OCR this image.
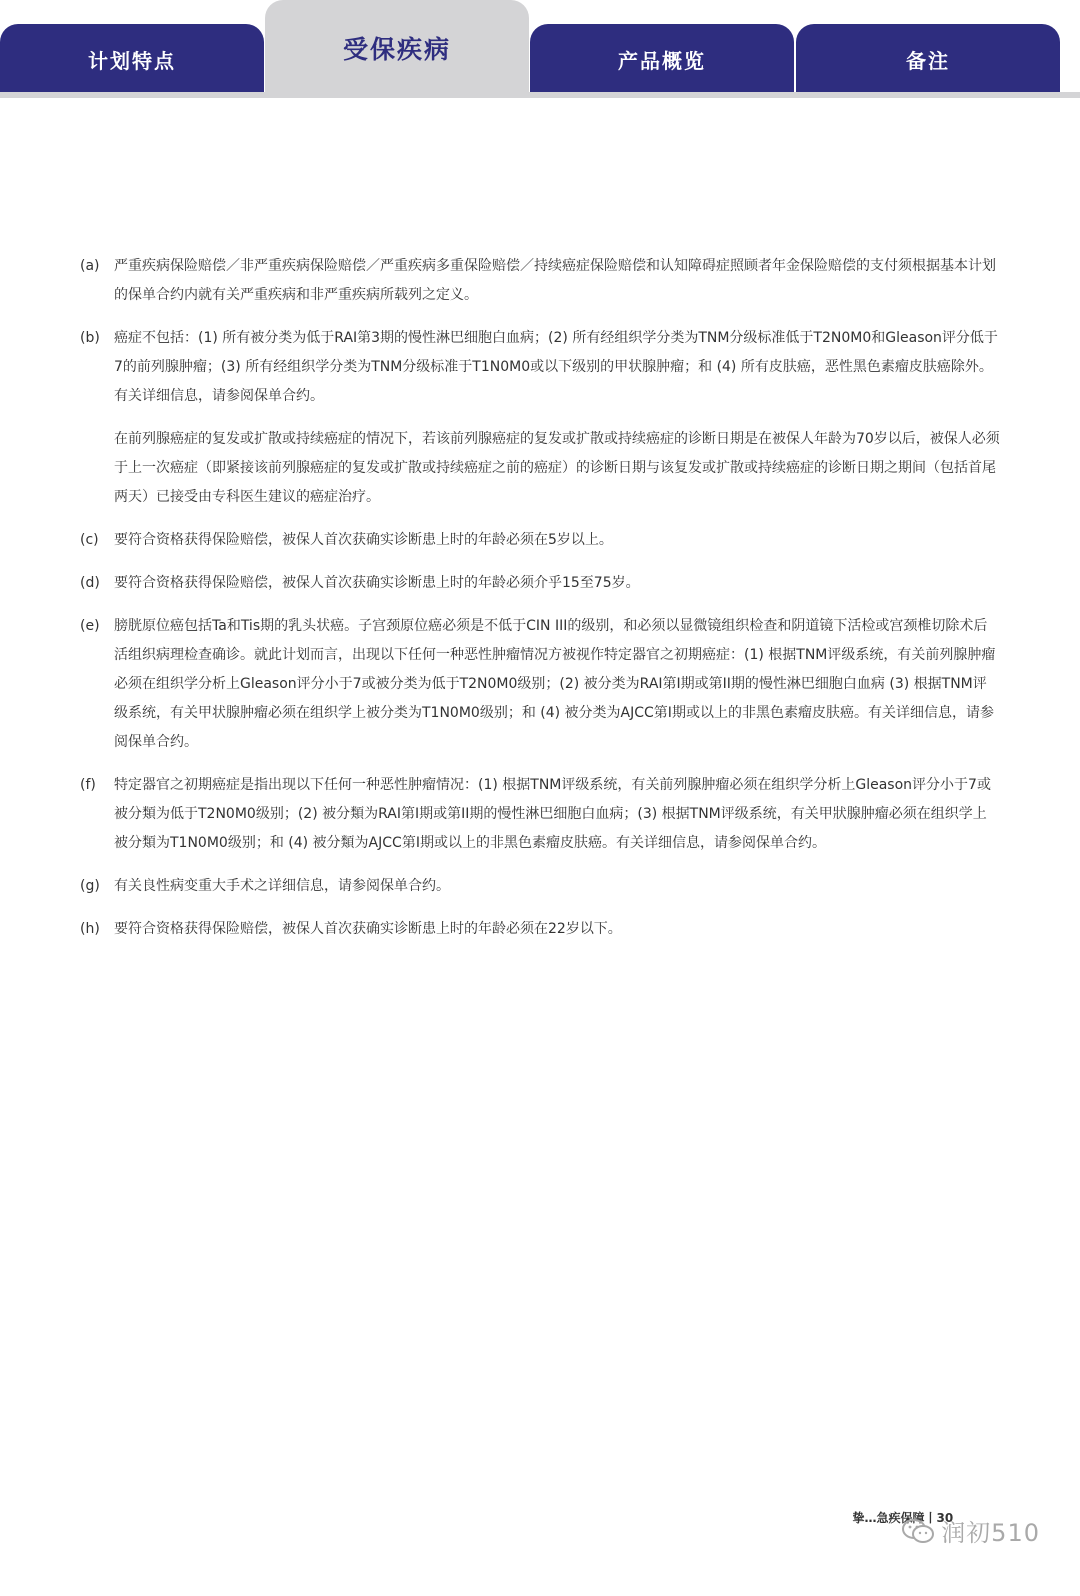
计划特点	产品概览	备注
受保疾病
(a)	严重疾病保险赔偿／非严重疾病保险赔偿／严重疾病多重保险赔偿／持续癌症保险赔偿和认知障碍症照顾者年金保险赔偿的支付须根据基本计划的保单合约内就有关严重疾病和非严重疾病所载列之定义。

(b)	癌症不包括：(1) 所有被分类为低于RAI第3期的慢性淋巴细胞白血病；(2) 所有经组织学分类为TNM分级标准低于T2N0M0和Gleason评分低于7的前列腺肿瘤；(3) 所有经组织学分类为TNM分级标准于T1N0M0或以下级别的甲状腺肿瘤；和 (4) 所有皮肤癌，恶性黑色素瘤皮肤癌除外。有关详细信息，请参阅保单合约。

在前列腺癌症的复发或扩散或持续癌症的情况下，若该前列腺癌症的复发或扩散或持续癌症的诊断日期是在被保人年龄为70岁以后，被保人必须于上一次癌症（即紧接该前列腺癌症的复发或扩散或持续癌症之前的癌症）的诊断日期与该复发或扩散或持续癌症的诊断日期之期间（包括首尾两天）已接受由专科医生建议的癌症治疗。

(c)	要符合资格获得保险赔偿，被保人首次获确实诊断患上时的年龄必须在5岁以上。

(d)	要符合资格获得保险赔偿，被保人首次获确实诊断患上时的年龄必须介乎15至75岁。

(e)	膀胱原位癌包括Ta和Tis期的乳头状癌。子宫颈原位癌必须是不低于CIN III的级别，和必须以显微镜组织检查和阴道镜下活检或宫颈椎切除术后活组织病理检查确诊。就此计划而言，出现以下任何一种恶性肿瘤情况方被视作特定器官之初期癌症：(1) 根据TNM评级系统，有关前列腺肿瘤必须在组织学分析上Gleason评分小于7或被分类为低于T2N0M0级别；(2) 被分类为RAI第I期或第II期的慢性淋巴细胞白血病 (3) 根据TNM评级系统，有关甲状腺肿瘤必须在组织学上被分类为T1N0M0级别；和 (4) 被分类为AJCC第I期或以上的非黑色素瘤皮肤癌。有关详细信息，请参阅保单合约。

(f)	特定器官之初期癌症是指出现以下任何一种恶性肿瘤情况：(1) 根据TNM评级系统，有关前列腺肿瘤必须在组织学分析上Gleason评分小于7或被分類为低于T2N0M0级别；(2) 被分類为RAI第I期或第II期的慢性淋巴细胞白血病；(3) 根据TNM评级系统，有关甲狀腺肿瘤必须在组织学上被分類为T1N0M0级别；和 (4) 被分類为AJCC第I期或以上的非黑色素瘤皮肤癌。有关详细信息，请参阅保单合约。

(g)	有关良性病变重大手术之详细信息，请参阅保单合约。

(h)	要符合资格获得保险赔偿，被保人首次获确实诊断患上时的年龄必须在22岁以下。

挚…急疾保障丨30
润初510
